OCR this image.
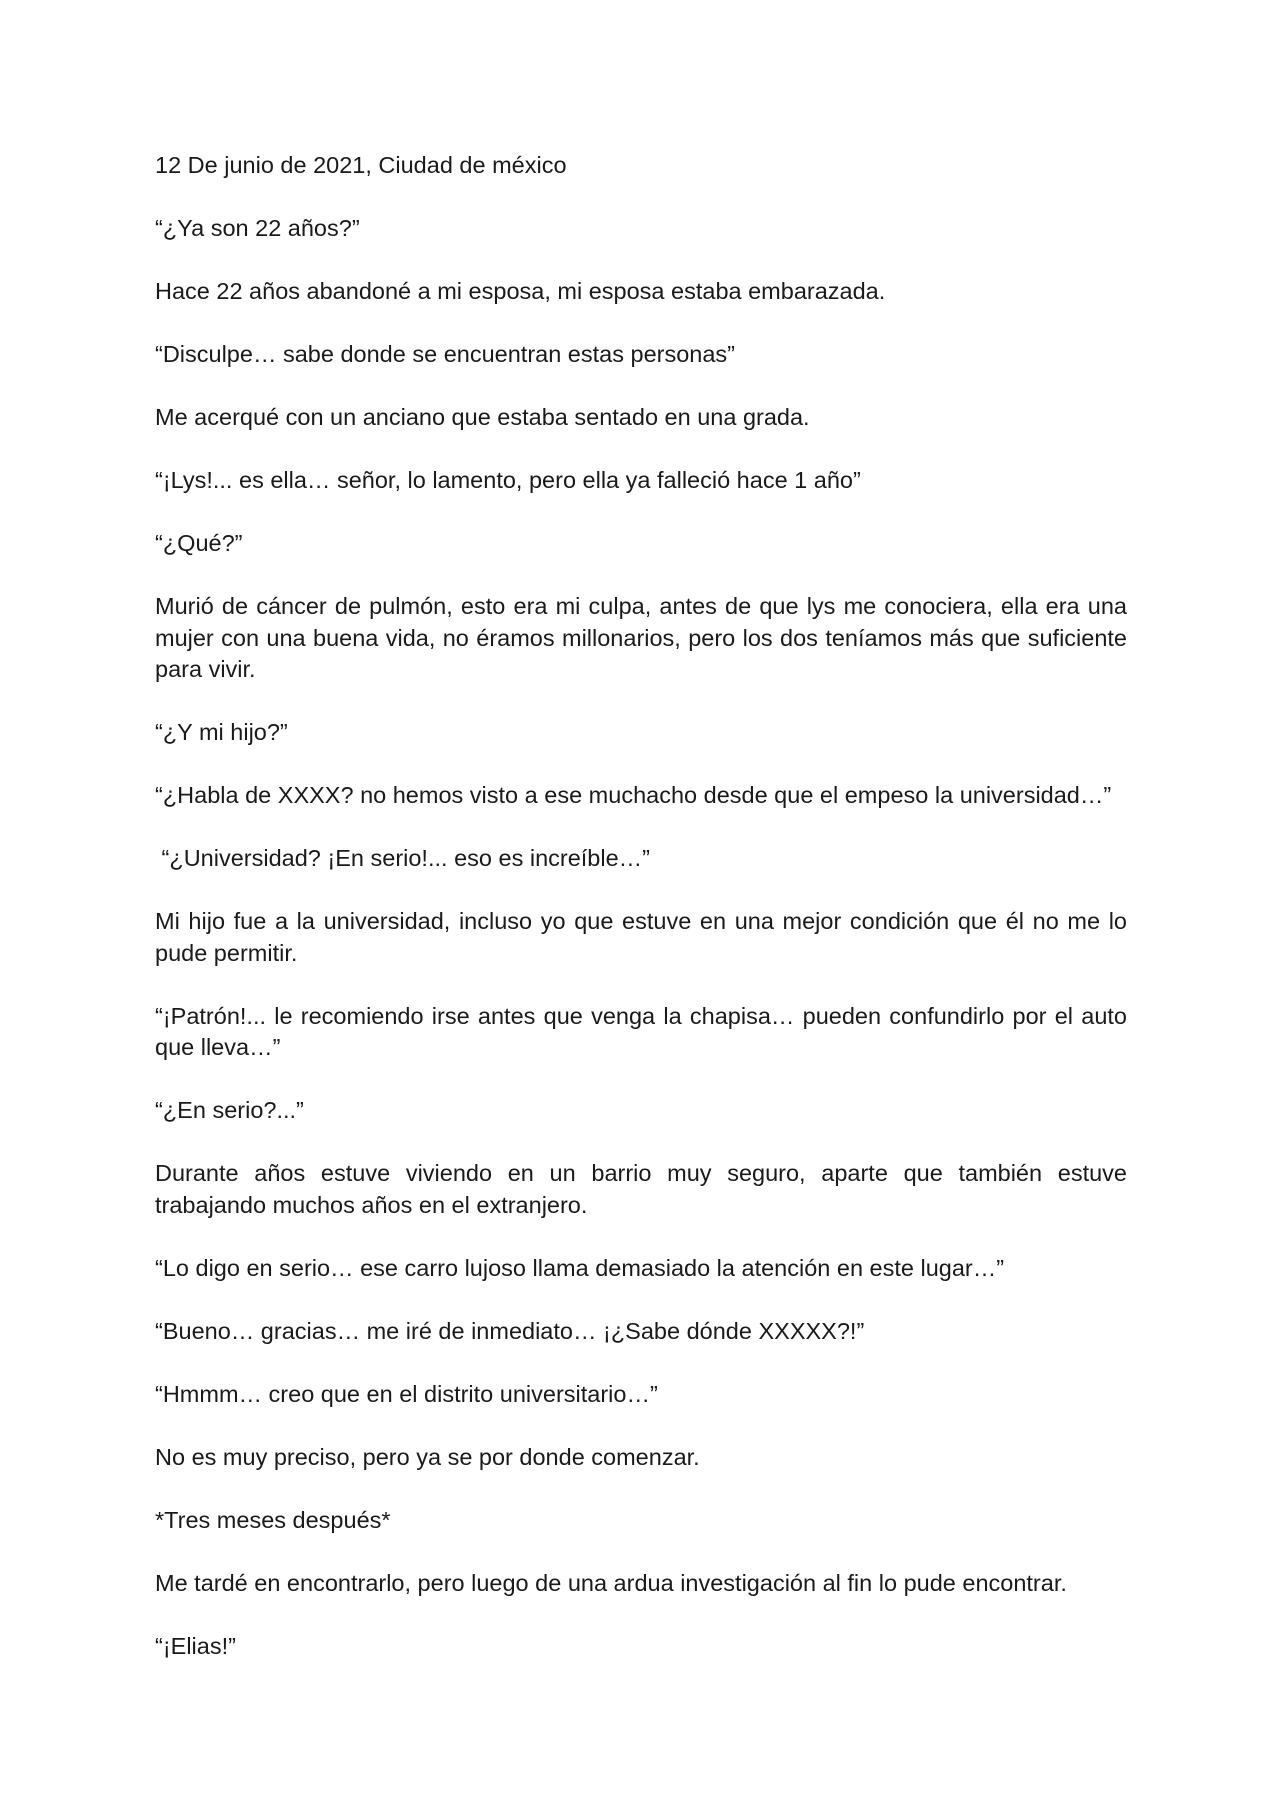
12 De junio de 2021, Ciudad de méxico

“¿Ya son 22 años?”

Hace 22 años abandoné a mi esposa, mi esposa estaba embarazada.

“Disculpe… sabe donde se encuentran estas personas”

Me acerqué con un anciano que estaba sentado en una grada.

“¡Lys!... es ella… señor, lo lamento, pero ella ya falleció hace 1 año”

“¿Qué?”

Murió de cáncer de pulmón, esto era mi culpa, antes de que lys me conociera, ella era una mujer con una buena vida, no éramos millonarios, pero los dos teníamos más que suficiente para vivir.

“¿Y mi hijo?”

“¿Habla de XXXX? no hemos visto a ese muchacho desde que el empeso la universidad…”

“¿Universidad? ¡En serio!... eso es increíble…”

Mi hijo fue a la universidad, incluso yo que estuve en una mejor condición que él no me lo pude permitir.

“¡Patrón!... le recomiendo irse antes que venga la chapisa… pueden confundirlo por el auto que lleva…”

“¿En serio?...”

Durante años estuve viviendo en un barrio muy seguro, aparte que también estuve trabajando muchos años en el extranjero.

“Lo digo en serio… ese carro lujoso llama demasiado la atención en este lugar…”

“Bueno… gracias… me iré de inmediato… ¡¿Sabe dónde XXXXX?!”

“Hmmm… creo que en el distrito universitario…”

No es muy preciso, pero ya se por donde comenzar.

*Tres meses después*

Me tardé en encontrarlo, pero luego de una ardua investigación al fin lo pude encontrar.

“¡Elias!”
